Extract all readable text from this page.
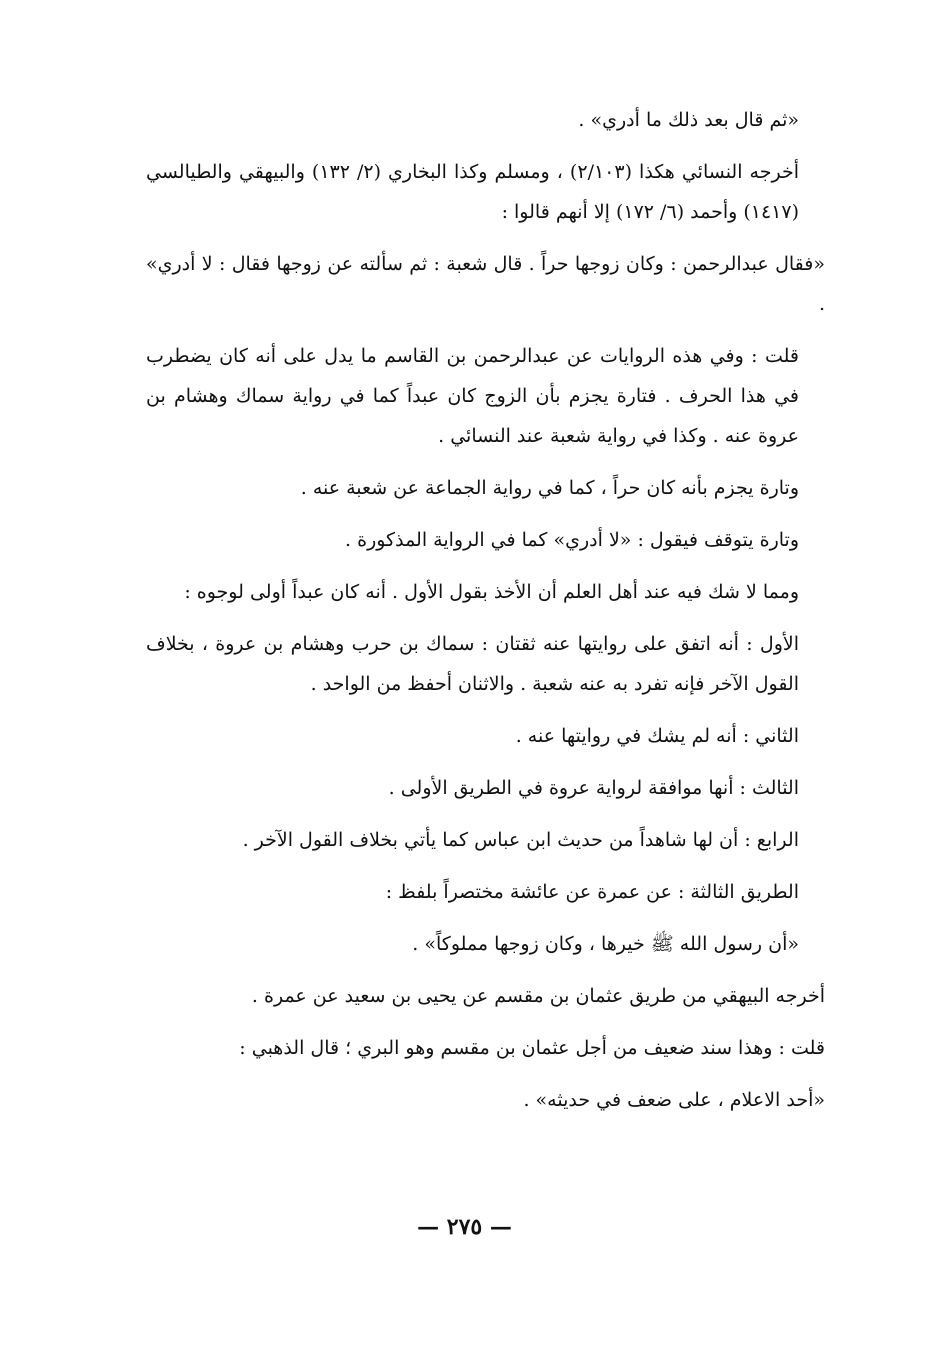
«ثم قال بعد ذلك ما أدري» .

أخرجه النسائي هكذا (٢/١٠٣) ، ومسلم وكذا البخاري (٢/ ١٣٢) والبيهقي والطيالسي (١٤١٧) وأحمد (٦/ ١٧٢) إلا أنهم قالوا :

«فقال عبدالرحمن : وكان زوجها حراً . قال شعبة : ثم سألته عن زوجها فقال : لا أدري» .

قلت : وفي هذه الروايات عن عبدالرحمن بن القاسم ما يدل على أنه كان يضطرب في هذا الحرف . فتارة يجزم بأن الزوج كان عبداً كما في رواية سماك وهشام بن عروة عنه . وكذا في رواية شعبة عند النسائي .

وتارة يجزم بأنه كان حراً ، كما في رواية الجماعة عن شعبة عنه .

وتارة يتوقف فيقول : «لا أدري» كما في الرواية المذكورة .

ومما لا شك فيه عند أهل العلم أن الأخذ بقول الأول . أنه كان عبداً أولى لوجوه :

الأول : أنه اتفق على روايتها عنه ثقتان : سماك بن حرب وهشام بن عروة ، بخلاف القول الآخر فإنه تفرد به عنه شعبة . والاثنان أحفظ من الواحد .

الثاني : أنه لم يشك في روايتها عنه .

الثالث : أنها موافقة لرواية عروة في الطريق الأولى .

الرابع : أن لها شاهداً من حديث ابن عباس كما يأتي بخلاف القول الآخر .

الطريق الثالثة : عن عمرة عن عائشة مختصراً بلفظ :

«أن رسول الله ﷺ خيرها ، وكان زوجها مملوكاً» .

أخرجه البيهقي من طريق عثمان بن مقسم عن يحيى بن سعيد عن عمرة .

قلت : وهذا سند ضعيف من أجل عثمان بن مقسم وهو البري ؛ قال الذهبي :

«أحد الاعلام ، على ضعف في حديثه» .

— ٢٧٥ —
